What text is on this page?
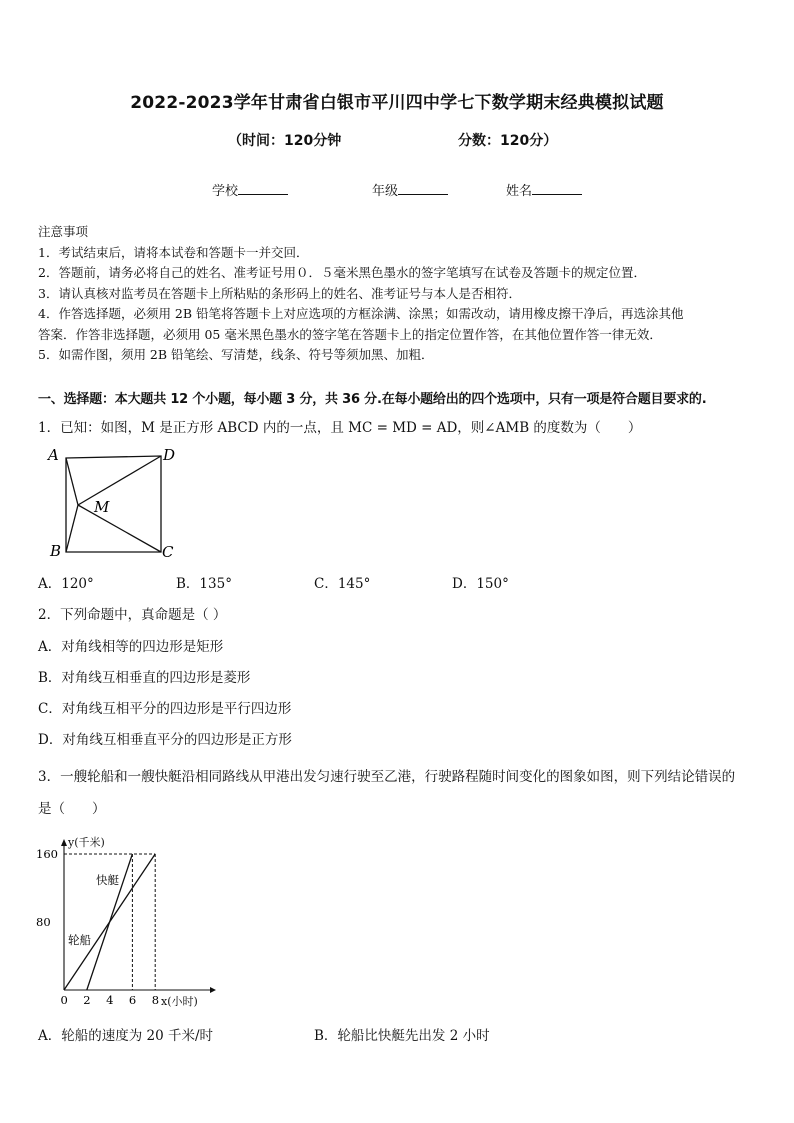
2022-2023学年甘肃省白银市平川四中学七下数学期末经典模拟试题
（时间：120分钟	分数：120分）
学校	年级	姓名
注意事项
1．考试结束后，请将本试卷和答题卡一并交回．
2．答题前，请务必将自己的姓名、准考证号用０．５毫米黑色墨水的签字笔填写在试卷及答题卡的规定位置．
3．请认真核对监考员在答题卡上所粘贴的条形码上的姓名、准考证号与本人是否相符．
4．作答选择题，必须用 2B 铅笔将答题卡上对应选项的方框涂满、涂黑；如需改动，请用橡皮擦干净后，再选涂其他
答案．作答非选择题，必须用 05 毫米黑色墨水的签字笔在答题卡上的指定位置作答，在其他位置作答一律无效．
5．如需作图，须用 2B 铅笔绘、写清楚，线条、符号等须加黑、加粗．
一、选择题：本大题共 12 个小题，每小题 3 分，共 36 分.在每小题给出的四个选项中，只有一项是符合题目要求的.
1．已知：如图，M 是正方形 ABCD 内的一点，且 MC = MD = AD，则∠AMB 的度数为（　　）
A	D
B	C
M
A．120°	B．135°	C．145°	D．150°
2．下列命题中，真命题是（ ）
A．对角线相等的四边形是矩形
B．对角线互相垂直的四边形是菱形
C．对角线互相平分的四边形是平行四边形
D．对角线互相垂直平分的四边形是正方形
3．一艘轮船和一艘快艇沿相同路线从甲港出发匀速行驶至乙港，行驶路程随时间变化的图象如图，则下列结论错误的
是（　　）
y(千米)
x(小时)
0 2 4 6 8
80
160
轮船
快艇
A．轮船的速度为 20 千米/时	B．轮船比快艇先出发 2 小时
